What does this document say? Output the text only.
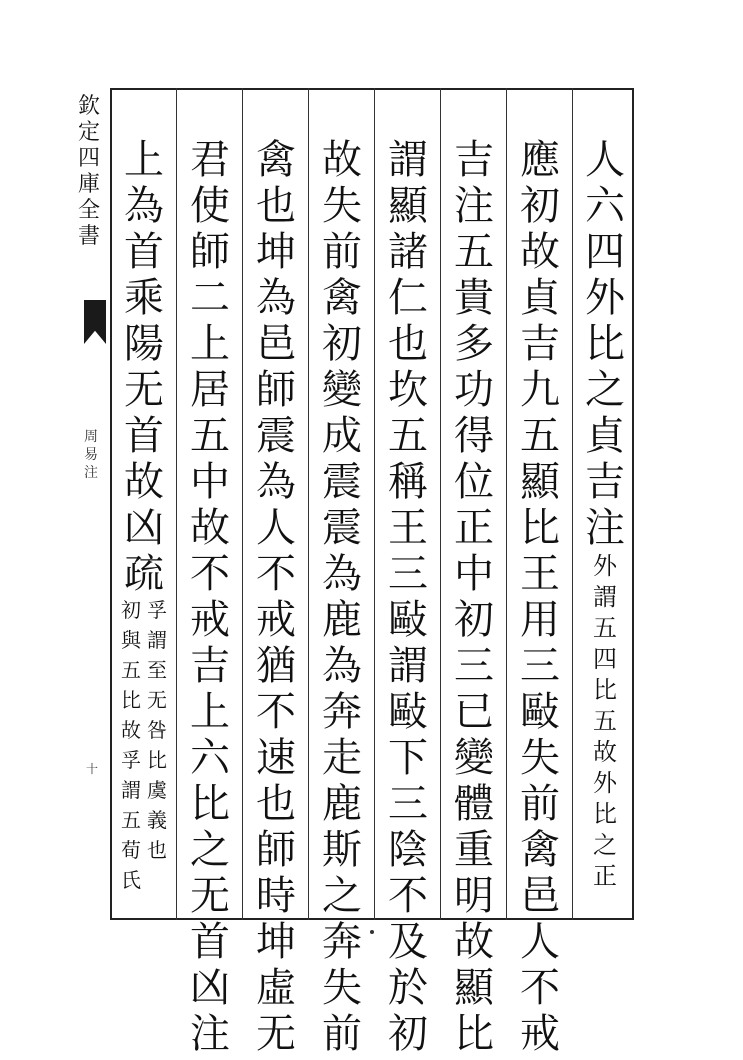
欽
定
四
庫
全
書
周
易
注
十
人
六
四
外
比
之
貞
吉
注
外
謂
五
四
比
五
故
外
比
之
正
應
初
故
貞
吉
九
五
顯
比
王
用
三
敺
失
前
禽
邑
人
不
戒
吉
注
五
貴
多
功
得
位
正
中
初
三
已
變
體
重
明
故
顯
比
謂
顯
諸
仁
也
坎
五
稱
王
三
敺
謂
敺
下
三
陰
不
及
於
初
故
失
前
禽
初
變
成
震
震
為
鹿
為
奔
走
鹿
斯
之
奔
失
前
禽
也
坤
為
邑
師
震
為
人
不
戒
猶
不
速
也
師
時
坤
虛
无
君
使
師
二
上
居
五
中
故
不
戒
吉
上
六
比
之
无
首
凶
注
上
為
首
乘
陽
无
首
故
凶
疏
孚
謂
至
无
咎
比
虞
義
也
初
與
五
比
故
孚
謂
五
荀
氏
